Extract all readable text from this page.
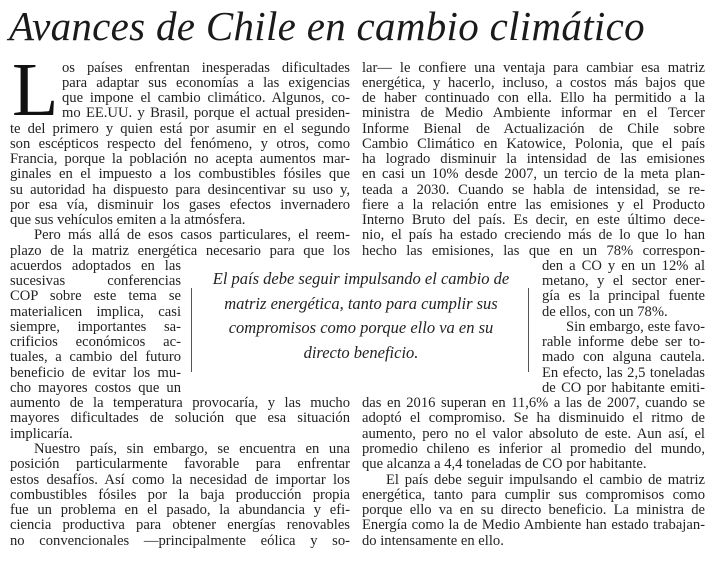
Avances de Chile en cambio climático
L os países enfrentan inesperadas dificultades
para adaptar sus economías a las exigencias
que impone el cambio climático. Algunos, co-
mo EE.UU. y Brasil, porque el actual presiden-
te del primero y quien está por asumir en el segundo
son escépticos respecto del fenómeno, y otros, como
Francia, porque la población no acepta aumentos mar-
ginales en el impuesto a los combustibles fósiles que
su autoridad ha dispuesto para desincentivar su uso y,
por esa vía, disminuir los gases efectos invernadero
que sus vehículos emiten a la atmósfera.
Pero más allá de esos casos particulares, el reem-
plazo de la matriz energética necesario para que los
acuerdos adoptados en las
sucesivas conferencias
COP sobre este tema se
materialicen implica, casi
siempre, importantes sa-
crificios económicos ac-
tuales, a cambio del futuro
beneficio de evitar los mu-
cho mayores costos que un
aumento de la temperatura provocaría, y las mucho
mayores dificultades de solución que esa situación
implicaría.
Nuestro país, sin embargo, se encuentra en una
posición particularmente favorable para enfrentar
estos desafíos. Así como la necesidad de importar los
combustibles fósiles por la baja producción propia
fue un problema en el pasado, la abundancia y efi-
ciencia productiva para obtener energías renovables
no convencionales —principalmente eólica y so-
lar— le confiere una ventaja para cambiar esa matriz
energética, y hacerlo, incluso, a costos más bajos que
de haber continuado con ella. Ello ha permitido a la
ministra de Medio Ambiente informar en el Tercer
Informe Bienal de Actualización de Chile sobre
Cambio Climático en Katowice, Polonia, que el país
ha logrado disminuir la intensidad de las emisiones
en casi un 10% desde 2007, un tercio de la meta plan-
teada a 2030. Cuando se habla de intensidad, se re-
fiere a la relación entre las emisiones y el Producto
Interno Bruto del país. Es decir, en este último dece-
nio, el país ha estado creciendo más de lo que lo han
hecho las emisiones, las que en un 78% correspon-
den a CO y en un 12% al
metano, y el sector ener-
gía es la principal fuente
de ellos, con un 78%.
Sin embargo, este favo-
rable informe debe ser to-
mado con alguna cautela.
En efecto, las 2,5 toneladas
de CO por habitante emiti-
das en 2016 superan en 11,6% a las de 2007, cuando se
adoptó el compromiso. Se ha disminuido el ritmo de
aumento, pero no el valor absoluto de este. Aun así, el
promedio chileno es inferior al promedio del mundo,
que alcanza a 4,4 toneladas de CO por habitante.
El país debe seguir impulsando el cambio de matriz
energética, tanto para cumplir sus compromisos como
porque ello va en su directo beneficio. La ministra de
Energía como la de Medio Ambiente han estado trabajan-
do intensamente en ello.
El país debe seguir impulsando el cambio de
matriz energética, tanto para cumplir sus
compromisos como porque ello va en su
directo beneficio.
